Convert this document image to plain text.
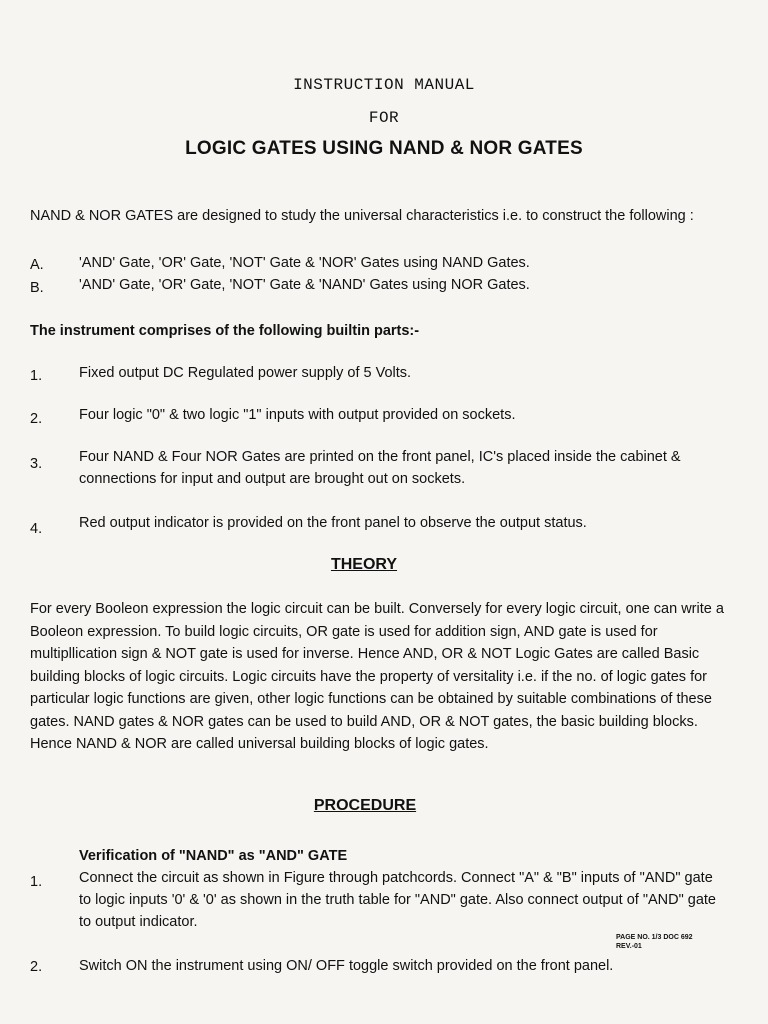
INSTRUCTION MANUAL
FOR
LOGIC GATES USING NAND & NOR GATES
NAND & NOR GATES are designed to study the universal characteristics i.e. to construct the following :
A. 'AND' Gate, 'OR' Gate, 'NOT' Gate & 'NOR' Gates using NAND Gates.
B. 'AND' Gate, 'OR' Gate, 'NOT' Gate & 'NAND' Gates using NOR Gates.
The instrument comprises of the following builtin parts:-
1.	Fixed output DC Regulated power supply of 5 Volts.
2.	Four logic "0" & two logic "1" inputs with output provided on sockets.
3.	Four NAND & Four NOR Gates are printed on the front panel, IC's placed inside the cabinet & connections for input and output are brought out on sockets.
4.	Red output indicator is provided on the front panel to observe the output status.
THEORY
For every Booleon expression the logic circuit can be built. Conversely for every logic circuit, one can write a Booleon expression. To build logic circuits, OR gate is used for addition sign, AND gate is used for multipllication sign & NOT gate is used for inverse. Hence AND, OR & NOT Logic Gates are called Basic building blocks of logic circuits. Logic circuits have the property of versitality i.e. if the no. of logic gates for particular logic functions are given, other logic functions can be obtained by suitable combinations of these gates. NAND gates & NOR gates can be used to build AND, OR & NOT gates, the basic building blocks. Hence NAND & NOR are called universal building blocks of logic gates.
PROCEDURE
Verification of "NAND" as "AND" GATE
1.	Connect the circuit as shown in Figure through patchcords. Connect "A" & "B" inputs of "AND" gate to logic inputs '0' & '0' as shown in the truth table for "AND" gate. Also connect output of "AND" gate to output indicator.
PAGE NO. 1/3 DOC 692
REV.-01
2.	Switch ON the instrument using ON/ OFF toggle switch provided on the front panel.
